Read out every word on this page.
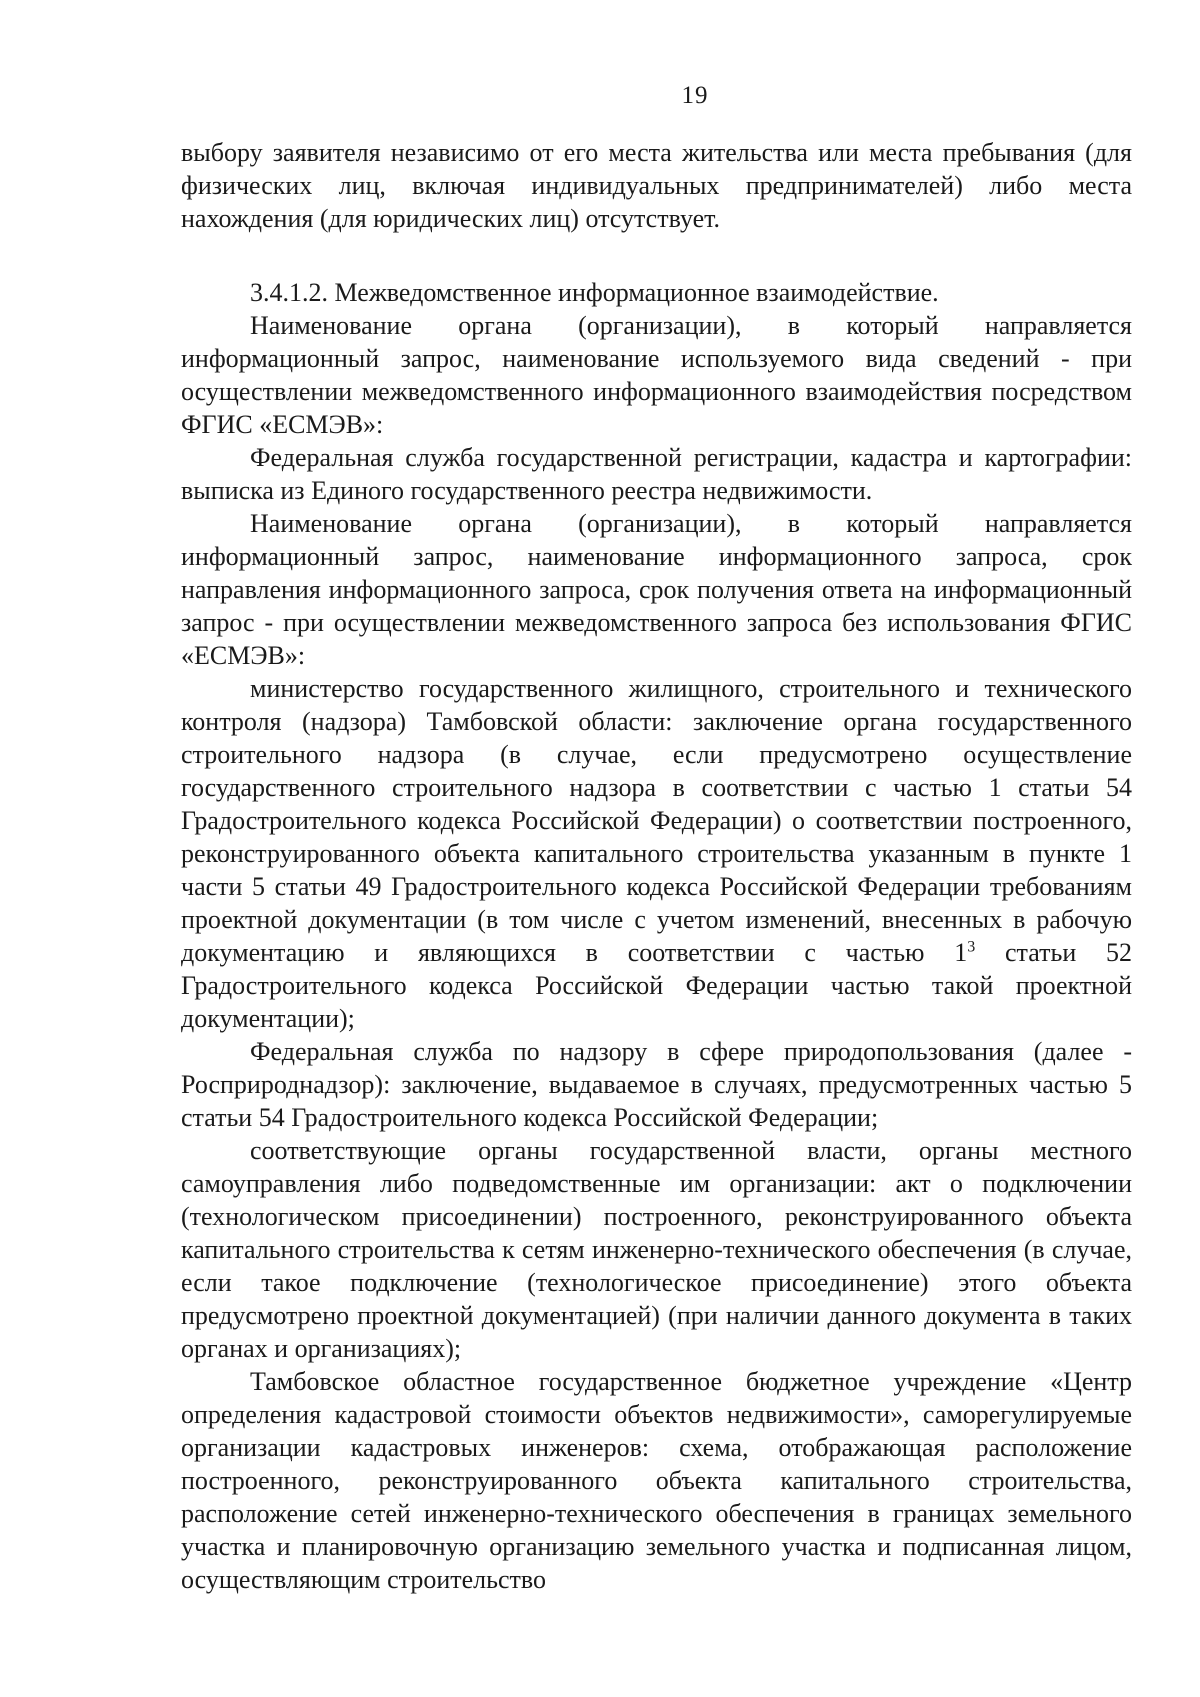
19

выбору заявителя независимо от его места жительства или места пребывания (для физических лиц, включая индивидуальных предпринимателей) либо места нахождения (для юридических лиц) отсутствует.

3.4.1.2. Межведомственное информационное взаимодействие.

Наименование органа (организации), в который направляется информационный запрос, наименование используемого вида сведений - при осуществлении межведомственного информационного взаимодействия посредством ФГИС «ЕСМЭВ»:

Федеральная служба государственной регистрации, кадастра и картографии: выписка из Единого государственного реестра недвижимости.

Наименование органа (организации), в который направляется информационный запрос, наименование информационного запроса, срок направления информационного запроса, срок получения ответа на информационный запрос - при осуществлении межведомственного запроса без использования ФГИС «ЕСМЭВ»:

министерство государственного жилищного, строительного и технического контроля (надзора) Тамбовской области: заключение органа государственного строительного надзора (в случае, если предусмотрено осуществление государственного строительного надзора в соответствии с частью 1 статьи 54 Градостроительного кодекса Российской Федерации) о соответствии построенного, реконструированного объекта капитального строительства указанным в пункте 1 части 5 статьи 49 Градостроительного кодекса Российской Федерации требованиям проектной документации (в том числе с учетом изменений, внесенных в рабочую документацию и являющихся в соответствии с частью $1^3$ статьи 52 Градостроительного кодекса Российской Федерации частью такой проектной документации);

Федеральная служба по надзору в сфере природопользования (далее - Росприроднадзор): заключение, выдаваемое в случаях, предусмотренных частью 5 статьи 54 Градостроительного кодекса Российской Федерации;

соответствующие органы государственной власти, органы местного самоуправления либо подведомственные им организации: акт о подключении (технологическом присоединении) построенного, реконструированного объекта капитального строительства к сетям инженерно-технического обеспечения (в случае, если такое подключение (технологическое присоединение) этого объекта предусмотрено проектной документацией) (при наличии данного документа в таких органах и организациях);

Тамбовское областное государственное бюджетное учреждение «Центр определения кадастровой стоимости объектов недвижимости», саморегулируемые организации кадастровых инженеров: схема, отображающая расположение построенного, реконструированного объекта капитального строительства, расположение сетей инженерно-технического обеспечения в границах земельного участка и планировочную организацию земельного участка и подписанная лицом, осуществляющим строительство
